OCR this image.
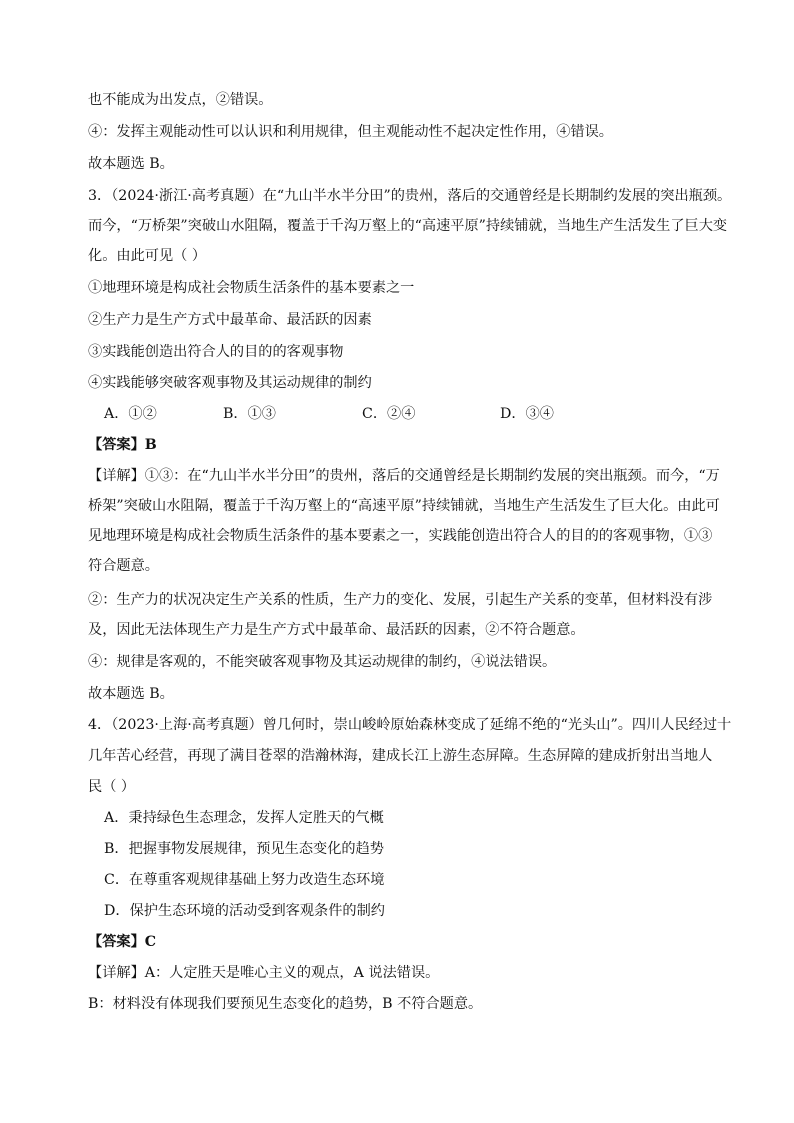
也不能成为出发点，②错误。
④：发挥主观能动性可以认识和利用规律，但主观能动性不起决定性作用，④错误。
故本题选 B。
3．（2024·浙江·高考真题）在“九山半水半分田”的贵州，落后的交通曾经是长期制约发展的突出瓶颈。
而今，“万桥架”突破山水阻隔，覆盖于千沟万壑上的“高速平原”持续铺就，当地生产生活发生了巨大变
化。由此可见（ ）
①地理环境是构成社会物质生活条件的基本要素之一
②生产力是生产方式中最革命、最活跃的因素
③实践能创造出符合人的目的的客观事物
④实践能够突破客观事物及其运动规律的制约
A．①②	B．①③	C．②④	D．③④
【答案】B
【详解】①③：在“九山半水半分田”的贵州，落后的交通曾经是长期制约发展的突出瓶颈。而今，“万
桥架”突破山水阻隔，覆盖于千沟万壑上的“高速平原”持续铺就，当地生产生活发生了巨大化。由此可
见地理环境是构成社会物质生活条件的基本要素之一，实践能创造出符合人的目的的客观事物，①③
符合题意。
②：生产力的状况决定生产关系的性质，生产力的变化、发展，引起生产关系的变革，但材料没有涉
及，因此无法体现生产力是生产方式中最革命、最活跃的因素，②不符合题意。
④：规律是客观的，不能突破客观事物及其运动规律的制约，④说法错误。
故本题选 B。
4．（2023·上海·高考真题）曾几何时，崇山峻岭原始森林变成了延绵不绝的“光头山”。四川人民经过十
几年苦心经营，再现了满目苍翠的浩瀚林海，建成长江上游生态屏障。生态屏障的建成折射出当地人
民（ ）
A．秉持绿色生态理念，发挥人定胜天的气概
B．把握事物发展规律，预见生态变化的趋势
C．在尊重客观规律基础上努力改造生态环境
D．保护生态环境的活动受到客观条件的制约
【答案】C
【详解】A：人定胜天是唯心主义的观点，A 说法错误。
B：材料没有体现我们要预见生态变化的趋势，B 不符合题意。
